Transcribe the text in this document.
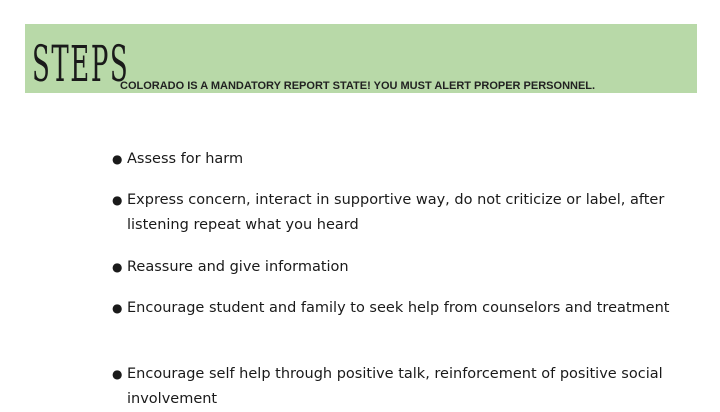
STEPS
COLORADO IS A MANDATORY REPORT STATE! YOU MUST ALERT PROPER PERSONNEL.
● Assess for harm
● Express concern, interact in supportive way, do not criticize or label, after listening repeat what you heard
● Reassure and give information
● Encourage student and family to seek help from counselors and treatment
● Encourage self help through positive talk, reinforcement of positive social involvement
